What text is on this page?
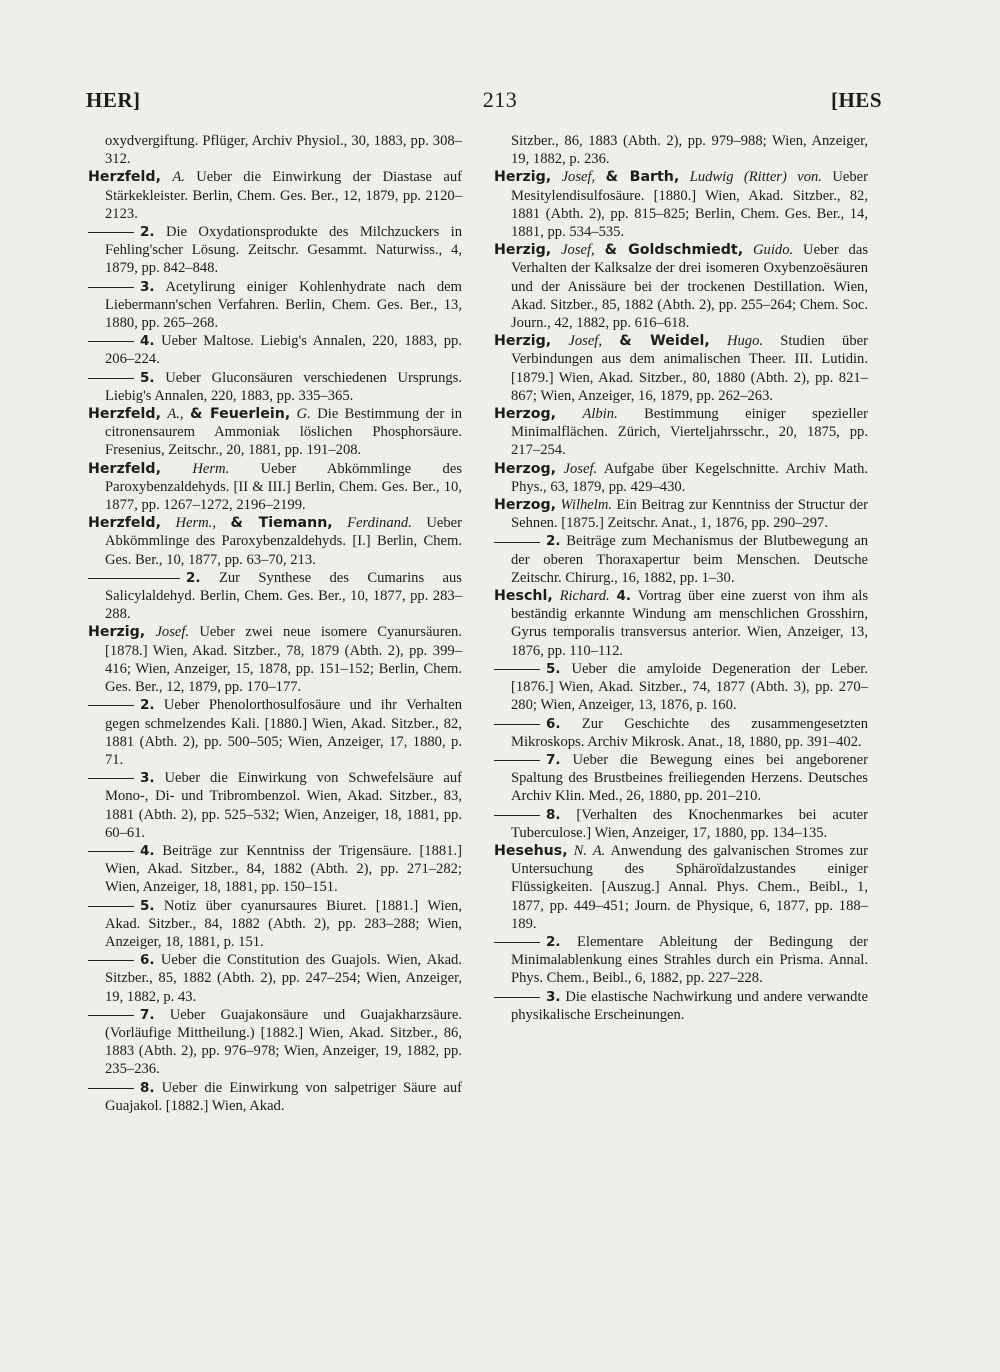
HER]	213	[HES

oxydvergiftung. Pflüger, Archiv Physiol., 30, 1883, pp. 308–312.

Herzfeld, A. Ueber die Einwirkung der Diastase auf Stärkekleister. Berlin, Chem. Ges. Ber., 12, 1879, pp. 2120–2123.

2. Die Oxydationsprodukte des Milchzuckers in Fehling'scher Lösung. Zeitschr. Gesammt. Naturwiss., 4, 1879, pp. 842–848.

3. Acetylirung einiger Kohlenhydrate nach dem Liebermann'schen Verfahren. Berlin, Chem. Ges. Ber., 13, 1880, pp. 265–268.

4. Ueber Maltose. Liebig's Annalen, 220, 1883, pp. 206–224.

5. Ueber Gluconsäuren verschiedenen Ursprungs. Liebig's Annalen, 220, 1883, pp. 335–365.

Herzfeld, A., & Feuerlein, G. Die Bestimmung der in citronensaurem Ammoniak löslichen Phosphorsäure. Fresenius, Zeitschr., 20, 1881, pp. 191–208.

Herzfeld, Herm. Ueber Abkömmlinge des Paroxybenzaldehyds. [II & III.] Berlin, Chem. Ges. Ber., 10, 1877, pp. 1267–1272, 2196–2199.

Herzfeld, Herm., & Tiemann, Ferdinand. Ueber Abkömmlinge des Paroxybenzaldehyds. [I.] Berlin, Chem. Ges. Ber., 10, 1877, pp. 63–70, 213.

2. Zur Synthese des Cumarins aus Salicylaldehyd. Berlin, Chem. Ges. Ber., 10, 1877, pp. 283–288.

Herzig, Josef. Ueber zwei neue isomere Cyanursäuren. [1878.] Wien, Akad. Sitzber., 78, 1879 (Abth. 2), pp. 399–416; Wien, Anzeiger, 15, 1878, pp. 151–152; Berlin, Chem. Ges. Ber., 12, 1879, pp. 170–177.

2. Ueber Phenolorthosulfosäure und ihr Verhalten gegen schmelzendes Kali. [1880.] Wien, Akad. Sitzber., 82, 1881 (Abth. 2), pp. 500–505; Wien, Anzeiger, 17, 1880, p. 71.

3. Ueber die Einwirkung von Schwefelsäure auf Mono-, Di- und Tribrombenzol. Wien, Akad. Sitzber., 83, 1881 (Abth. 2), pp. 525–532; Wien, Anzeiger, 18, 1881, pp. 60–61.

4. Beiträge zur Kenntniss der Trigensäure. [1881.] Wien, Akad. Sitzber., 84, 1882 (Abth. 2), pp. 271–282; Wien, Anzeiger, 18, 1881, pp. 150–151.

5. Notiz über cyanursaures Biuret. [1881.] Wien, Akad. Sitzber., 84, 1882 (Abth. 2), pp. 283–288; Wien, Anzeiger, 18, 1881, p. 151.

6. Ueber die Constitution des Guajols. Wien, Akad. Sitzber., 85, 1882 (Abth. 2), pp. 247–254; Wien, Anzeiger, 19, 1882, p. 43.

7. Ueber Guajakonsäure und Guajakharzsäure. (Vorläufige Mittheilung.) [1882.] Wien, Akad. Sitzber., 86, 1883 (Abth. 2), pp. 976–978; Wien, Anzeiger, 19, 1882, pp. 235–236.

8. Ueber die Einwirkung von salpetriger Säure auf Guajakol. [1882.] Wien, Akad.

Sitzber., 86, 1883 (Abth. 2), pp. 979–988; Wien, Anzeiger, 19, 1882, p. 236.

Herzig, Josef, & Barth, Ludwig (Ritter) von. Ueber Mesitylendisulfosäure. [1880.] Wien, Akad. Sitzber., 82, 1881 (Abth. 2), pp. 815–825; Berlin, Chem. Ges. Ber., 14, 1881, pp. 534–535.

Herzig, Josef, & Goldschmiedt, Guido. Ueber das Verhalten der Kalksalze der drei isomeren Oxybenzoësäuren und der Anissäure bei der trockenen Destillation. Wien, Akad. Sitzber., 85, 1882 (Abth. 2), pp. 255–264; Chem. Soc. Journ., 42, 1882, pp. 616–618.

Herzig, Josef, & Weidel, Hugo. Studien über Verbindungen aus dem animalischen Theer. III. Lutidin. [1879.] Wien, Akad. Sitzber., 80, 1880 (Abth. 2), pp. 821–867; Wien, Anzeiger, 16, 1879, pp. 262–263.

Herzog, Albin. Bestimmung einiger spezieller Minimalflächen. Zürich, Vierteljahrsschr., 20, 1875, pp. 217–254.

Herzog, Josef. Aufgabe über Kegelschnitte. Archiv Math. Phys., 63, 1879, pp. 429–430.

Herzog, Wilhelm. Ein Beitrag zur Kenntniss der Structur der Sehnen. [1875.] Zeitschr. Anat., 1, 1876, pp. 290–297.

2. Beiträge zum Mechanismus der Blutbewegung an der oberen Thoraxapertur beim Menschen. Deutsche Zeitschr. Chirurg., 16, 1882, pp. 1–30.

Heschl, Richard. 4. Vortrag über eine zuerst von ihm als beständig erkannte Windung am menschlichen Grosshirn, Gyrus temporalis transversus anterior. Wien, Anzeiger, 13, 1876, pp. 110–112.

5. Ueber die amyloide Degeneration der Leber. [1876.] Wien, Akad. Sitzber., 74, 1877 (Abth. 3), pp. 270–280; Wien, Anzeiger, 13, 1876, p. 160.

6. Zur Geschichte des zusammengesetzten Mikroskops. Archiv Mikrosk. Anat., 18, 1880, pp. 391–402.

7. Ueber die Bewegung eines bei angeborener Spaltung des Brustbeines freiliegenden Herzens. Deutsches Archiv Klin. Med., 26, 1880, pp. 201–210.

8. [Verhalten des Knochenmarkes bei acuter Tuberculose.] Wien, Anzeiger, 17, 1880, pp. 134–135.

Hesehus, N. A. Anwendung des galvanischen Stromes zur Untersuchung des Sphäroïdalzustandes einiger Flüssigkeiten. [Auszug.] Annal. Phys. Chem., Beibl., 1, 1877, pp. 449–451; Journ. de Physique, 6, 1877, pp. 188–189.

2. Elementare Ableitung der Bedingung der Minimalablenkung eines Strahles durch ein Prisma. Annal. Phys. Chem., Beibl., 6, 1882, pp. 227–228.

3. Die elastische Nachwirkung und andere verwandte physikalische Erscheinungen.
